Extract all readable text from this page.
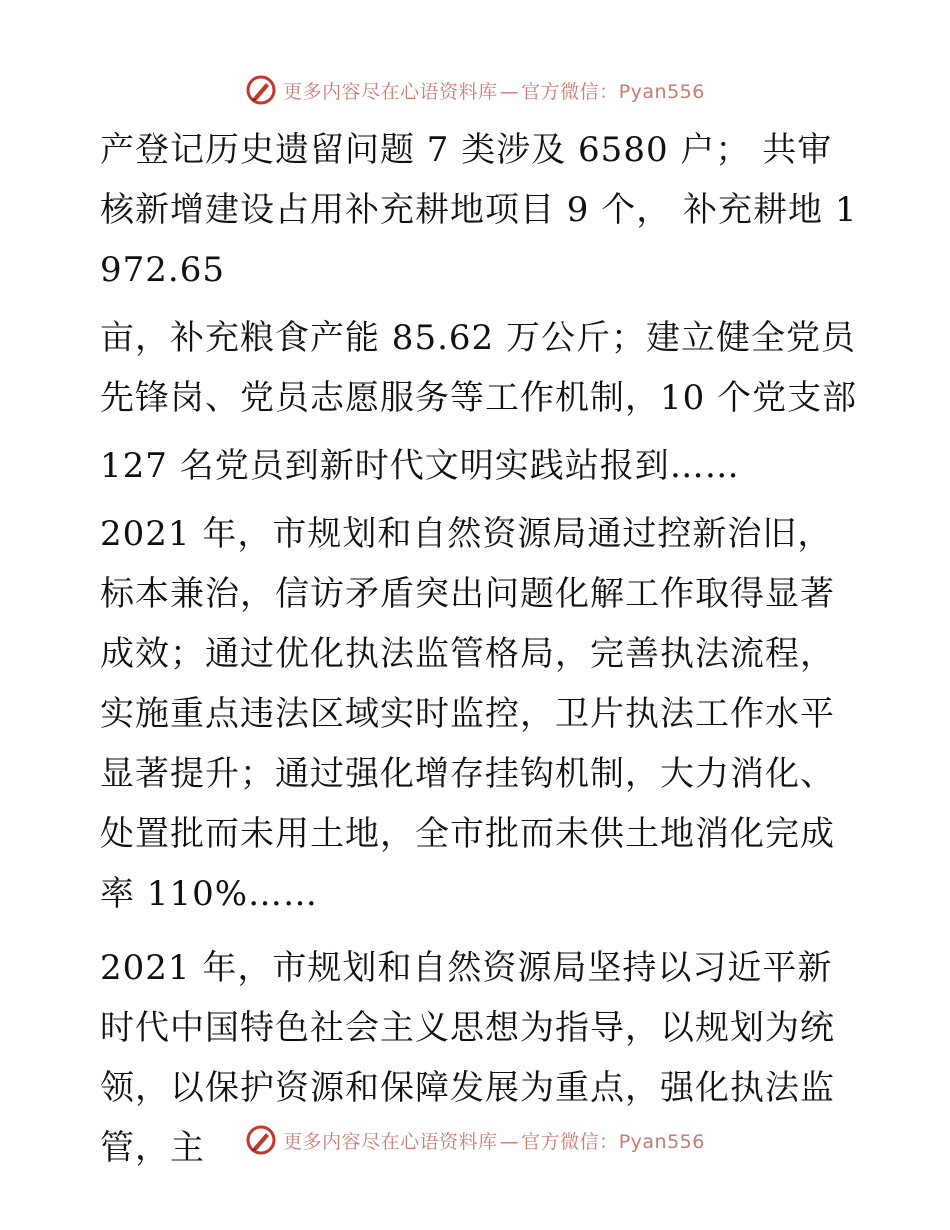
更多内容尽在心语资料库 — 官方微信：Pyan556

产登记历史遗留问题 7 类涉及 6580 户； 共审核新增建设占用补充耕地项目 9 个， 补充耕地 1972.65

亩，补充粮食产能 85.62 万公斤；建立健全党员先锋岗、党员志愿服务等工作机制，10 个党支部

127 名党员到新时代文明实践站报到……

2021 年，市规划和自然资源局通过控新治旧，标本兼治，信访矛盾突出问题化解工作取得显著成效；通过优化执法监管格局，完善执法流程，实施重点违法区域实时监控，卫片执法工作水平显著提升；通过强化增存挂钩机制，大力消化、处置批而未用土地，全市批而未供土地消化完成率 110%……

2021 年，市规划和自然资源局坚持以习近平新时代中国特色社会主义思想为指导，以规划为统领，以保护资源和保障发展为重点，强化执法监管，主	更多内容尽在心语资料库 — 官方微信：Pyan556
